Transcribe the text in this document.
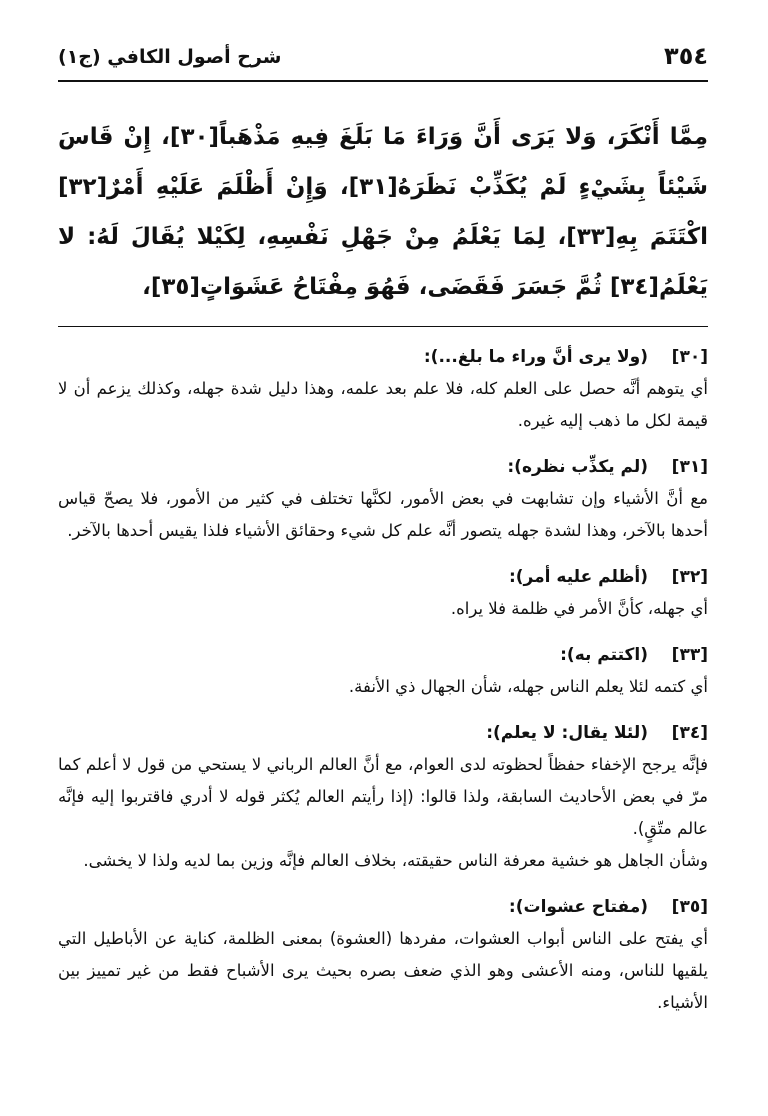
٣٥٤
شرح أصول الكافي (ج١)

مِمَّا أَنْكَرَ، وَلا يَرَى أَنَّ وَرَاءَ مَا بَلَغَ فِيهِ مَذْهَباً[٣٠]، إِنْ قَاسَ شَيْئاً بِشَيْءٍ لَمْ يُكَذِّبْ نَظَرَهُ[٣١]، وَإِنْ أَظْلَمَ عَلَيْهِ أَمْرٌ[٣٢] اكْتَتَمَ بِهِ[٣٣]، لِمَا يَعْلَمُ مِنْ جَهْلِ نَفْسِهِ، لِكَيْلا يُقَالَ لَهُ: لا يَعْلَمُ[٣٤] ثُمَّ جَسَرَ فَقَضَى، فَهُوَ مِفْتَاحُ عَشَوَاتٍ[٣٥]،

[٣٠]
(ولا يرى أنَّ وراء ما بلغ...):

أي يتوهم أنَّه حصل على العلم كله، فلا علم بعد علمه، وهذا دليل شدة جهله، وكذلك يزعم أن لا قيمة لكل ما ذهب إليه غيره.

[٣١]
(لم يكذِّب نظره):

مع أنَّ الأشياء وإن تشابهت في بعض الأمور، لكنَّها تختلف في كثير من الأمور، فلا يصحّ قياس أحدها بالآخر، وهذا لشدة جهله يتصور أنَّه علم كل شيء وحقائق الأشياء فلذا يقيس أحدها بالآخر.

[٣٢]
(أظلم عليه أمر):

أي جهله، كأنَّ الأمر في ظلمة فلا يراه.

[٣٣]
(اكتتم به):

أي كتمه لئلا يعلم الناس جهله، شأن الجهال ذي الأنفة.

[٣٤]
(لئلا يقال: لا يعلم):

فإنَّه يرجح الإخفاء حفظاً لحظوته لدى العوام، مع أنَّ العالم الرباني لا يستحي من قول لا أعلم كما مرّ في بعض الأحاديث السابقة، ولذا قالوا: (إذا رأيتم العالم يُكثر قوله لا أدري فاقتربوا إليه فإنَّه عالم متّقٍ).

وشأن الجاهل هو خشية معرفة الناس حقيقته، بخلاف العالم فإنَّه وزين بما لديه ولذا لا يخشى.

[٣٥]
(مفتاح عشوات):

أي يفتح على الناس أبواب العشوات، مفردها (العشوة) بمعنى الظلمة، كناية عن الأباطيل التي يلقيها للناس، ومنه الأعشى وهو الذي ضعف بصره بحيث يرى الأشباح فقط من غير تمييز بين الأشياء.
